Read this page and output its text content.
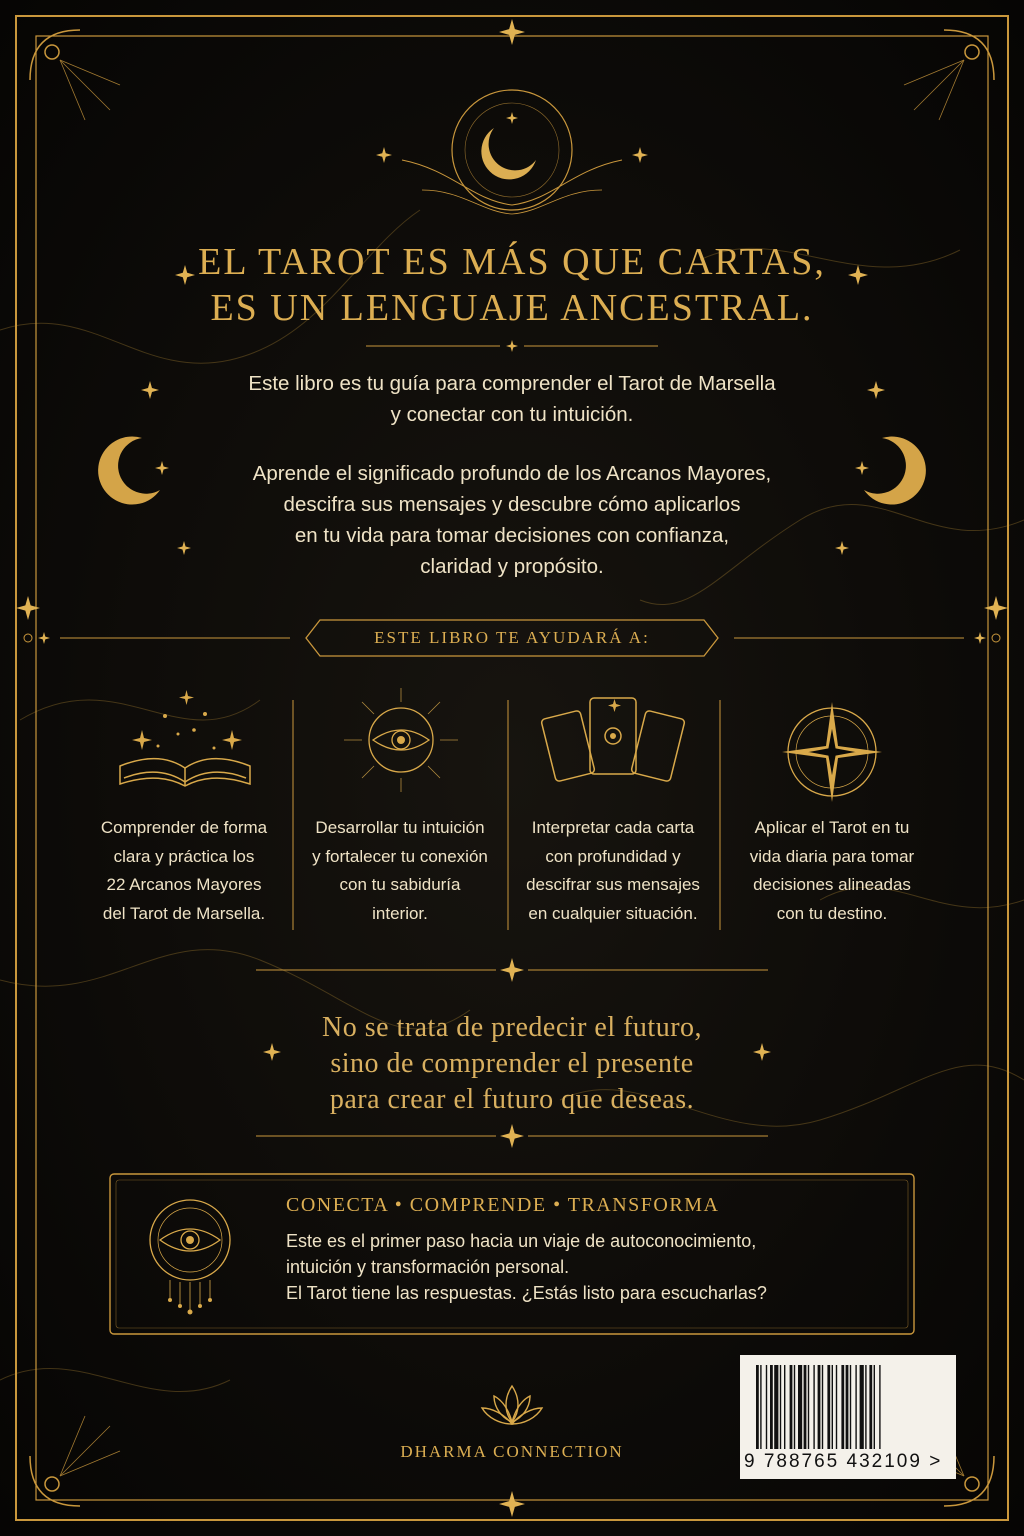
EL TAROT ES MÁS QUE CARTAS,
ES UN LENGUAJE ANCESTRAL.
Este libro es tu guía para comprender el Tarot de Marsella
y conectar con tu intuición.
Aprende el significado profundo de los Arcanos Mayores,
descifra sus mensajes y descubre cómo aplicarlos
en tu vida para tomar decisiones con confianza,
claridad y propósito.
ESTE LIBRO TE AYUDARÁ A:
Comprender de forma
clara y práctica los
22 Arcanos Mayores
del Tarot de Marsella.
Desarrollar tu intuición
y fortalecer tu conexión
con tu sabiduría
interior.
Interpretar cada carta
con profundidad y
descifrar sus mensajes
en cualquier situación.
Aplicar el Tarot en tu
vida diaria para tomar
decisiones alineadas
con tu destino.
No se trata de predecir el futuro,
sino de comprender el presente
para crear el futuro que deseas.
CONECTA • COMPRENDE • TRANSFORMA
Este es el primer paso hacia un viaje de autoconocimiento,
intuición y transformación personal.
El Tarot tiene las respuestas. ¿Estás listo para escucharlas?
DHARMA CONNECTION	9 788765 432109 >
